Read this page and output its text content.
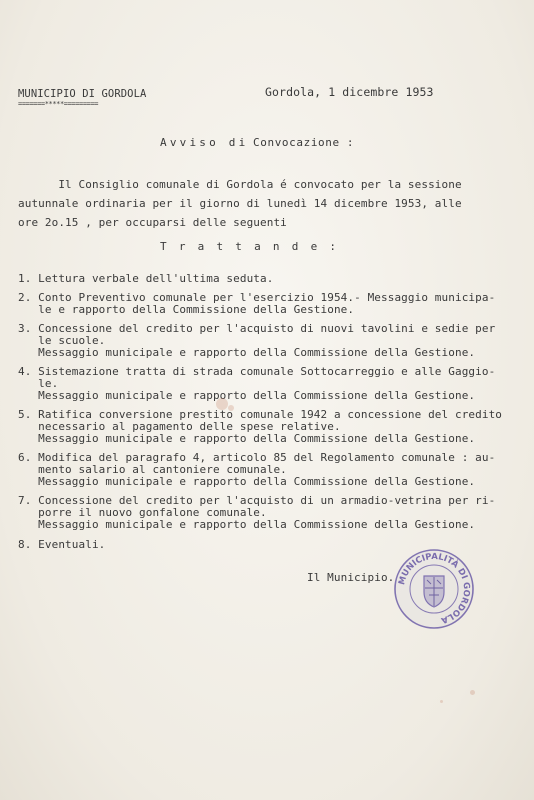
MUNICIPIO DI GORDOLA
=======*****=========
Gordola, 1 dicembre 1953
Avviso di Convocazione :
Il Consiglio comunale di Gordola é convocato per la sessione
autunnale ordinaria per il giorno di lunedì 14 dicembre 1953, alle
ore 2o.15 , per occuparsi delle seguenti
Trattande:
1. Lettura verbale dell'ultima seduta.
2. Conto Preventivo comunale per l'esercizio 1954.- Messaggio municipa-
le e rapporto della Commissione della Gestione.
3. Concessione del credito per l'acquisto di nuovi tavolini e sedie per
le scuole.
Messaggio municipale e rapporto della Commissione della Gestione.
4. Sistemazione tratta di strada comunale Sottocarreggio e alle Gaggio-
le.
Messaggio municipale e rapporto della Commissione della Gestione.
5. Ratifica conversione prestito comunale 1942 a concessione del credito
necessario al pagamento delle spese relative.
Messaggio municipale e rapporto della Commissione della Gestione.
6. Modifica del paragrafo 4, articolo 85 del Regolamento comunale : au-
mento salario al cantoniere comunale.
Messaggio municipale e rapporto della Commissione della Gestione.
7. Concessione del credito per l'acquisto di un armadio-vetrina per ri-
porre il nuovo gonfalone comunale.
Messaggio municipale e rapporto della Commissione della Gestione.
8. Eventuali.
Il Municipio. MUNICIPALITÀ DI GORDOLA
